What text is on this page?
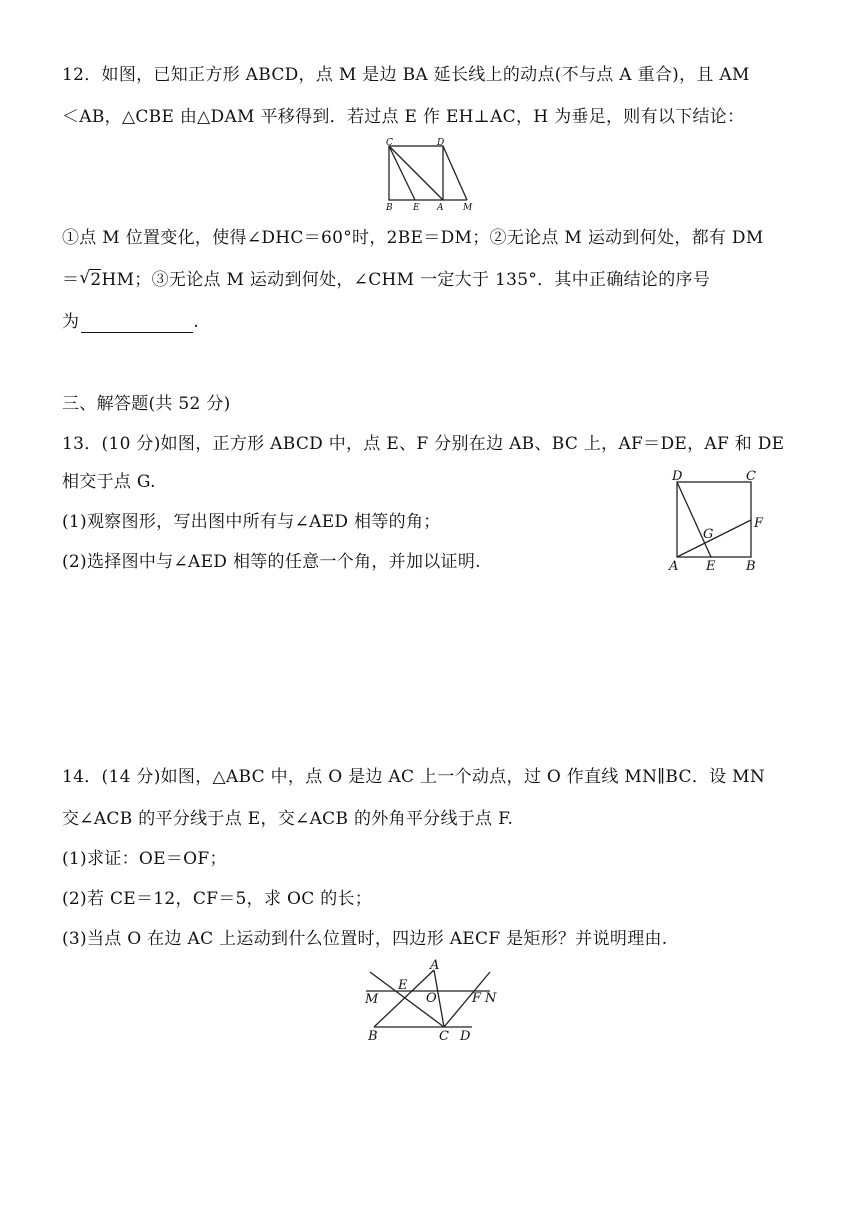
12．如图，已知正方形 ABCD，点 M 是边 BA 延长线上的动点(不与点 A 重合)，且 AM
＜AB，△CBE 由△DAM 平移得到．若过点 E 作 EH⊥AC，H 为垂足，则有以下结论：
C	D
B E A M
①点 M 位置变化，使得∠DHC＝60°时，2BE＝DM；②无论点 M 运动到何处，都有 DM
＝ √ 2HM；③无论点 M 运动到何处，∠CHM 一定大于 135°．其中正确结论的序号
为	.
三、解答题(共 52 分)
13．(10 分)如图，正方形 ABCD 中，点 E、F 分别在边 AB、BC 上，AF＝DE，AF 和 DE
相交于点 G.
(1)观察图形，写出图中所有与∠AED 相等的角；
(2)选择图中与∠AED 相等的任意一个角，并加以证明.
D	C
F
G
A E B
14．(14 分)如图，△ABC 中，点 O 是边 AC 上一个动点，过 O 作直线 MN∥BC．设 MN
交∠ACB 的平分线于点 E，交∠ACB 的外角平分线于点 F.
(1)求证：OE＝OF；
(2)若 CE＝12，CF＝5，求 OC 的长；
(3)当点 O 在边 AC 上运动到什么位置时，四边形 AECF 是矩形？并说明理由.
A
M
E
O	F N
B	C D
